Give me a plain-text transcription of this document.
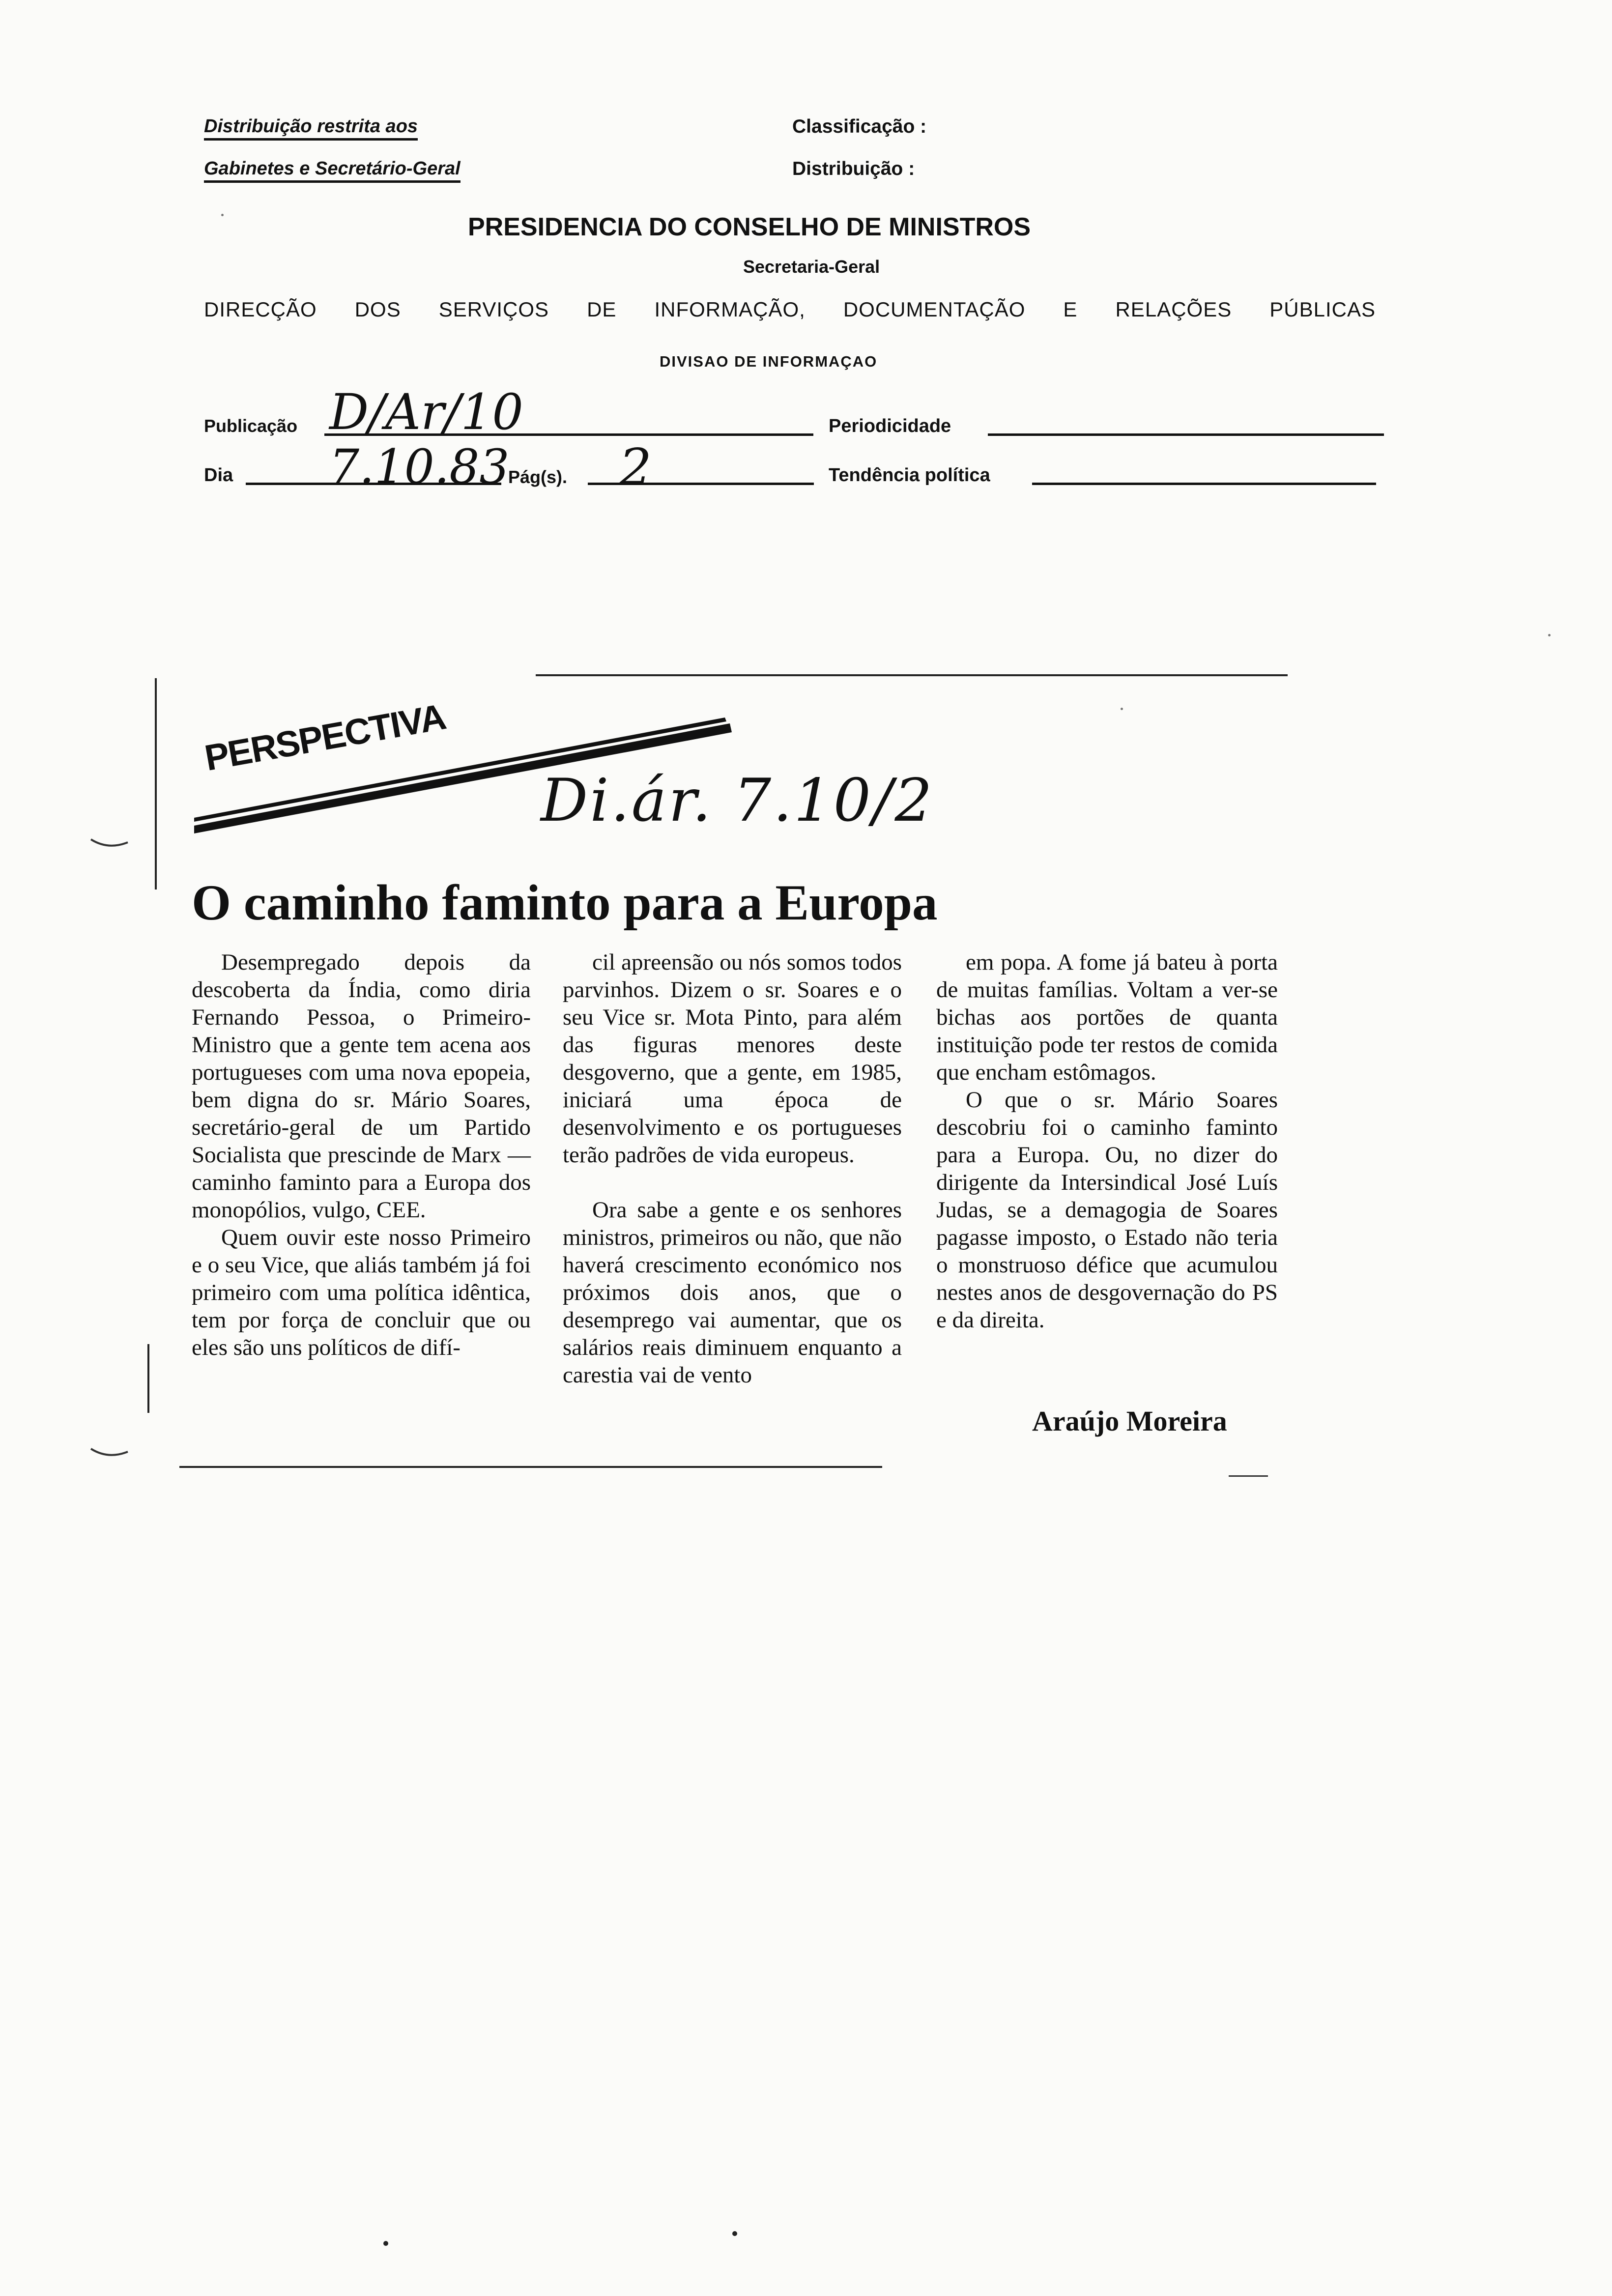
Distribuição restrita aos
Gabinetes e Secretário-Geral
Classificação :
Distribuição :
PRESIDENCIA DO CONSELHO DE MINISTROS
Secretaria-Geral
DIRECÇÃO DOS SERVIÇOS DE INFORMAÇÃO, DOCUMENTAÇÃO E RELAÇÕES PÚBLICAS
DIVISAO DE INFORMAÇAO
Publicação D/Ar/10	Periodicidade
Dia 7.10.83
Pág(s). 2	Tendência política
PERSPECTIVA
Di.ár. 7.10/2
O caminho faminto para a Europa

Desempregado depois da descoberta da Índia, como diria Fernando Pessoa, o Primeiro-Ministro que a gente tem acena aos portugueses com uma nova epopeia, bem digna do sr. Mário Soares, secretário-geral de um Partido Socialista que prescinde de Marx — caminho faminto para a Europa dos monopólios, vulgo, CEE.

Quem ouvir este nosso Primeiro e o seu Vice, que aliás também já foi primeiro com uma política idêntica, tem por força de concluir que ou eles são uns políticos de difí-

cil apreensão ou nós somos todos parvinhos. Dizem o sr. Soares e o seu Vice sr. Mota Pinto, para além das figuras menores deste desgoverno, que a gente, em 1985, iniciará uma época de desenvolvimento e os portugueses terão padrões de vida europeus.

Ora sabe a gente e os senhores ministros, primeiros ou não, que não haverá crescimento económico nos próximos dois anos, que o desemprego vai aumentar, que os salários reais diminuem enquanto a carestia vai de vento

em popa. A fome já bateu à porta de muitas famílias. Voltam a ver-se bichas aos portões de quanta instituição pode ter restos de comida que encham estômagos.

O que o sr. Mário Soares descobriu foi o caminho faminto para a Europa. Ou, no dizer do dirigente da Intersindical José Luís Judas, se a demagogia de Soares pagasse imposto, o Estado não teria o monstruoso défice que acumulou nestes anos de desgovernação do PS e da direita.

Araújo Moreira
